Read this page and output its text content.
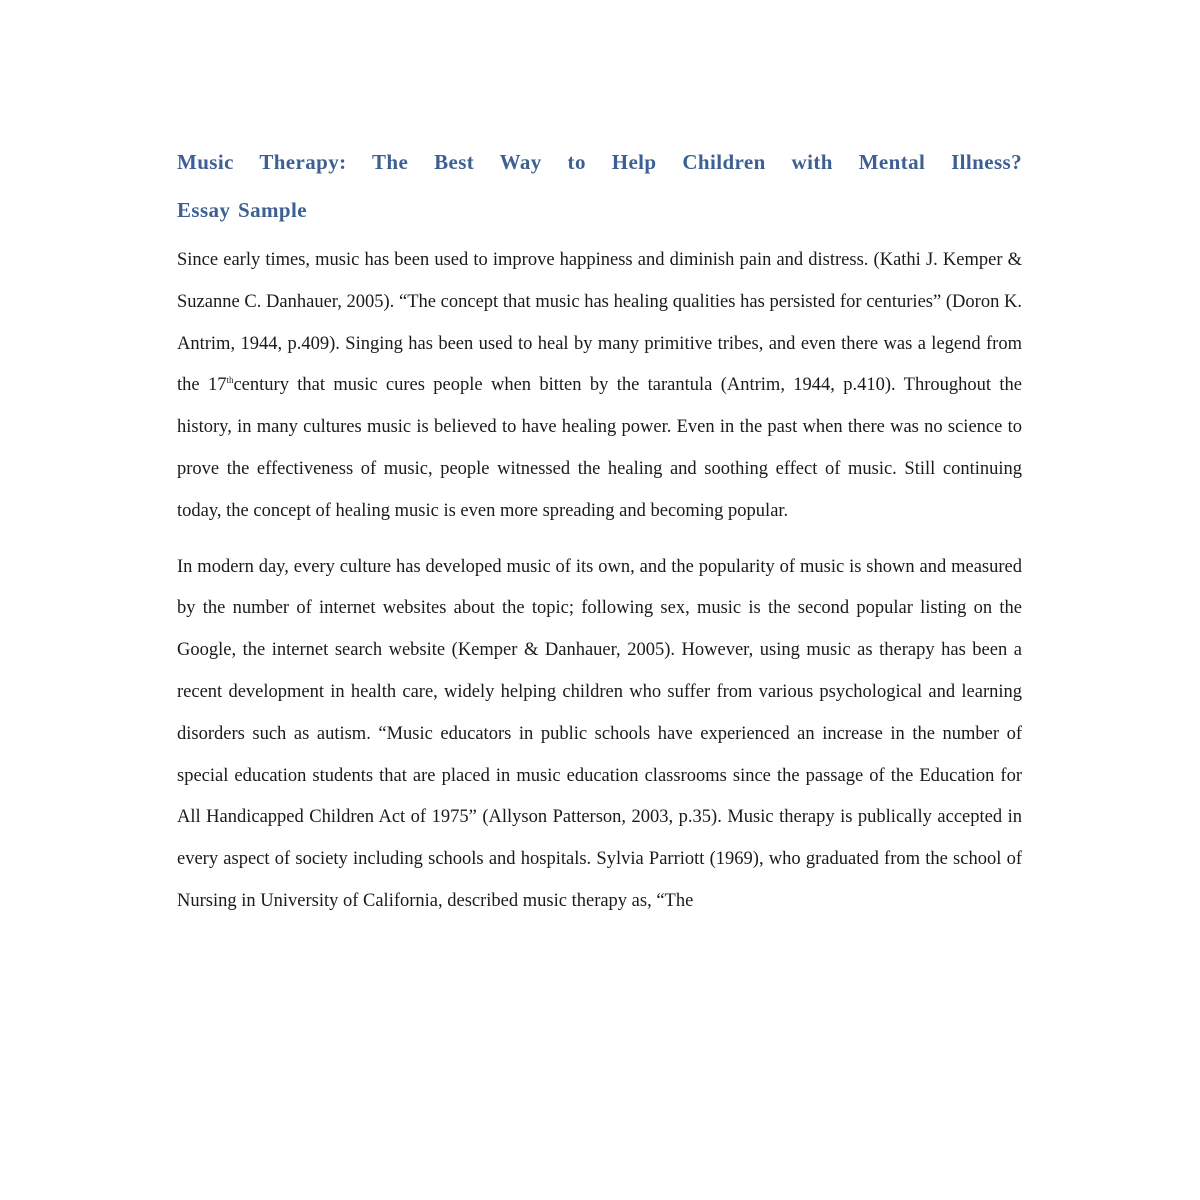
Music Therapy: The Best Way to Help Children with Mental Illness?
Essay Sample

Since early times, music has been used to improve happiness and diminish pain and distress. (Kathi J. Kemper & Suzanne C. Danhauer, 2005). “The concept that music has healing qualities has persisted for centuries” (Doron K. Antrim, 1944, p.409). Singing has been used to heal by many primitive tribes, and even there was a legend from the 17thcentury that music cures people when bitten by the tarantula (Antrim, 1944, p.410). Throughout the history, in many cultures music is believed to have healing power. Even in the past when there was no science to prove the effectiveness of music, people witnessed the healing and soothing effect of music. Still continuing today, the concept of healing music is even more spreading and becoming popular.

In modern day, every culture has developed music of its own, and the popularity of music is shown and measured by the number of internet websites about the topic; following sex, music is the second popular listing on the Google, the internet search website (Kemper & Danhauer, 2005). However, using music as therapy has been a recent development in health care, widely helping children who suffer from various psychological and learning disorders such as autism. “Music educators in public schools have experienced an increase in the number of special education students that are placed in music education classrooms since the passage of the Education for All Handicapped Children Act of 1975” (Allyson Patterson, 2003, p.35). Music therapy is publically accepted in every aspect of society including schools and hospitals. Sylvia Parriott (1969), who graduated from the school of Nursing in University of California, described music therapy as, “The
